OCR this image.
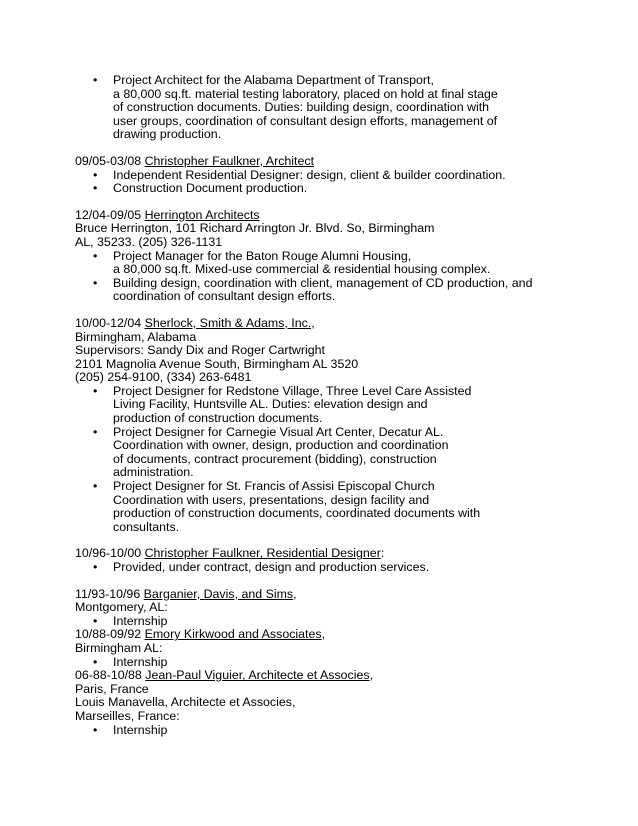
• Project Architect for the Alabama Department of Transport,
a 80,000 sq.ft. material testing laboratory, placed on hold at final stage
of construction documents. Duties: building design, coordination with
user groups, coordination of consultant design efforts, management of
drawing production.
09/05-03/08 Christopher Faulkner, Architect
• Independent Residential Designer: design, client & builder coordination.
• Construction Document production.
12/04-09/05 Herrington Architects
Bruce Herrington, 101 Richard Arrington Jr. Blvd. So, Birmingham
AL, 35233. (205) 326-1131
• Project Manager for the Baton Rouge Alumni Housing,
a 80,000 sq.ft. Mixed-use commercial & residential housing complex.
• Building design, coordination with client, management of CD production, and
coordination of consultant design efforts.
10/00-12/04 Sherlock, Smith & Adams, Inc.,
Birmingham, Alabama
Supervisors: Sandy Dix and Roger Cartwright
2101 Magnolia Avenue South, Birmingham AL 3520
(205) 254-9100, (334) 263-6481
• Project Designer for Redstone Village, Three Level Care Assisted
Living Facility, Huntsville AL. Duties: elevation design and
production of construction documents.
• Project Designer for Carnegie Visual Art Center, Decatur AL.
Coordination with owner, design, production and coordination
of documents, contract procurement (bidding), construction
administration.
• Project Designer for St. Francis of Assisi Episcopal Church
Coordination with users, presentations, design facility and
production of construction documents, coordinated documents with
consultants.
10/96-10/00 Christopher Faulkner, Residential Designer:
• Provided, under contract, design and production services.
11/93-10/96 Barganier, Davis, and Sims,
Montgomery, AL:
• Internship
10/88-09/92 Emory Kirkwood and Associates,
Birmingham AL:
• Internship
06-88-10/88 Jean-Paul Viguier, Architecte et Associes,
Paris, France
Louis Manavella, Architecte et Associes,
Marseilles, France:
• Internship
